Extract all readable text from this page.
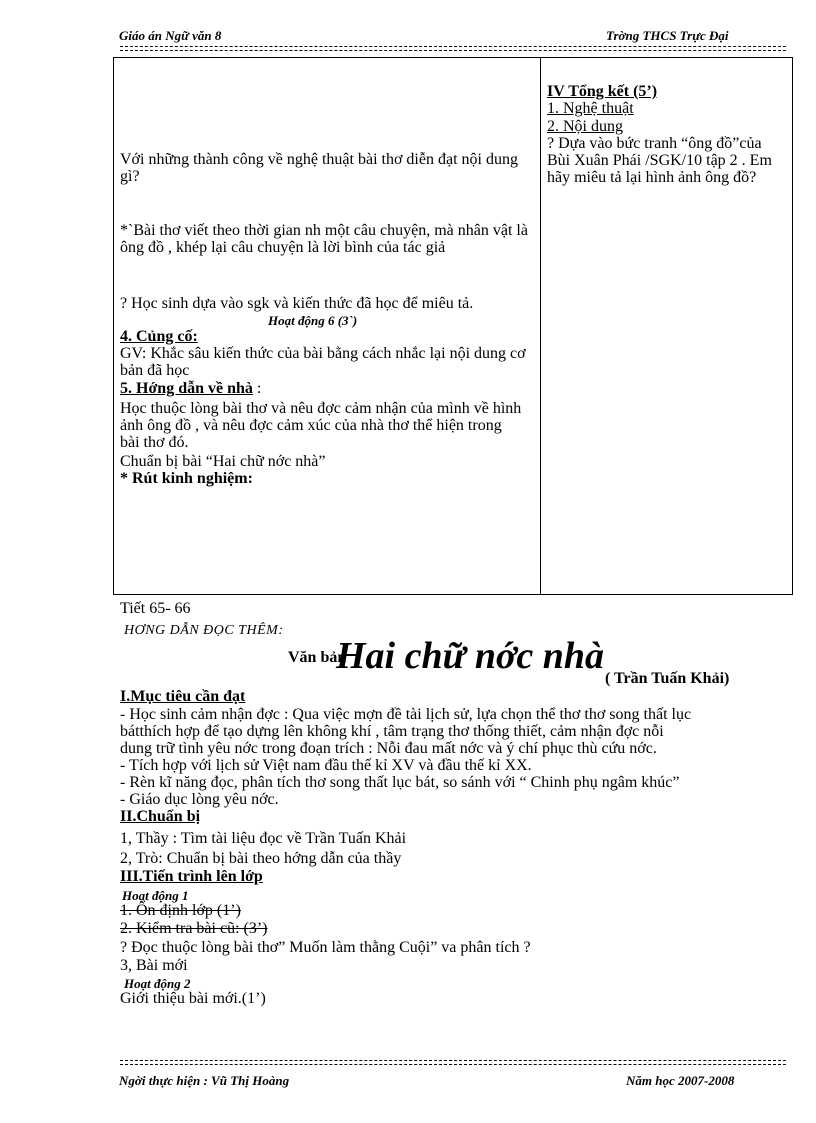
Giáo án Ngữ văn 8	Trờng THCS Trực Đại
Với những thành công về nghệ thuật bài thơ diễn đạt nội dung gì?
*`Bài thơ viết theo thời gian nh một câu chuyện, mà nhân vật là ông đồ , khép lại câu chuyện là lời bình của tác giả
? Học sinh dựa vào sgk và kiến thức đã học để miêu tả.
Hoạt động 6 (3`)
4. Củng cố:
GV: Khắc sâu kiến thức của bài bằng cách nhắc lại nội dung cơ bản đã học
5. Hớng dẫn về nhà :
Học thuộc lòng bài thơ và nêu đợc cảm nhận của mình về hình ảnh ông đồ , và nêu đợc cảm xúc của nhà thơ thể hiện trong bài thơ đó.
Chuẩn bị bài “Hai chữ nớc nhà”
* Rút kinh nghiệm:
IV Tổng kết (5’)
1. Nghệ thuật
2. Nội dung
? Dựa vào bức tranh “ông đồ”của Bùi Xuân Phái /SGK/10 tập 2 . Em hãy miêu tả lại hình ảnh ông đồ?
Tiết 65- 66
HƠNG DẪN ĐỌC THÊM:
Văn bản
Hai chữ nớc nhà
( Trần Tuấn Khải)
I.Mục tiêu cần đạt
- Học sinh cảm nhận đợc : Qua việc mợn đề tài lịch sử, lựa chọn thể thơ thơ song thất lục
bátthích hợp để tạo dựng lên không khí , tâm trạng thơ thống thiết, cảm nhận đợc nỗi
dung trữ tình yêu nớc trong đoạn trích : Nỗi đau mất nớc và ý chí phục thù cứu nớc.
- Tích hợp với lịch sử Việt nam đầu thế kỉ XV và đầu thế kỉ XX.
- Rèn kĩ năng đọc, phân tích thơ song thất lục bát, so sánh với “ Chinh phụ ngâm khúc”
- Giáo dục lòng yêu nớc.
II.Chuẩn bị
1, Thầy : Tìm tài liệu đọc về Trần Tuấn Khải
2, Trò: Chuẩn bị bài theo hớng dẫn của thầy
III.Tiến trình lên lớp
Hoạt động 1
1. Ổn định lớp (1’)
2. Kiểm tra bài cũ: (3’)
? Đọc thuộc lòng bài thơ” Muốn làm thằng Cuội” va phân tích ?
3, Bài mới
Hoạt động 2
Giới thiệu bài mới.(1’)
Ngời thực hiện : Vũ Thị Hoàng	Năm học 2007-2008
